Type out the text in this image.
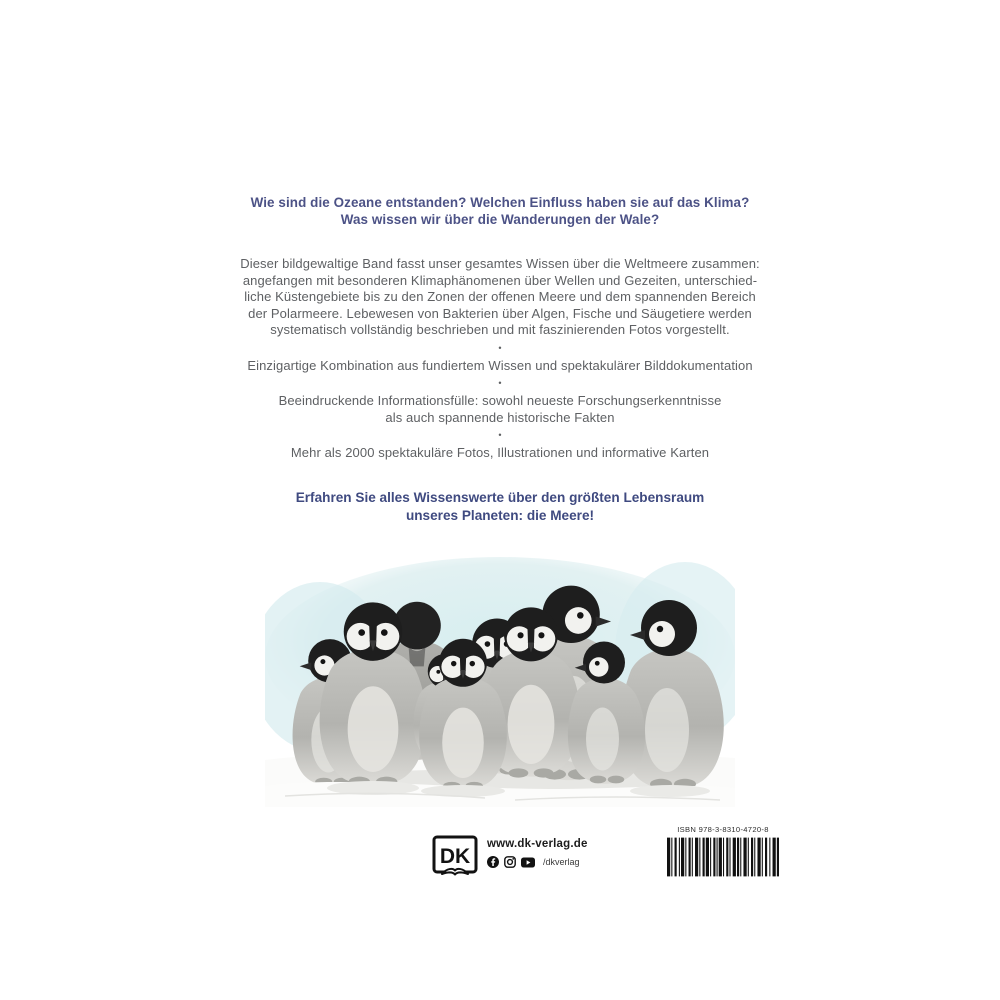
Wie sind die Ozeane entstanden? Welchen Einfluss haben sie auf das Klima?
Was wissen wir über die Wanderungen der Wale?
Dieser bildgewaltige Band fasst unser gesamtes Wissen über die Weltmeere zusammen:
angefangen mit besonderen Klimaphänomenen über Wellen und Gezeiten, unterschied-
liche Küstengebiete bis zu den Zonen der offenen Meere und dem spannenden Bereich
der Polarmeere. Lebewesen von Bakterien über Algen, Fische und Säugetiere werden
systematisch vollständig beschrieben und mit faszinierenden Fotos vorgestellt.
•
Einzigartige Kombination aus fundiertem Wissen und spektakulärer Bilddokumentation
•
Beeindruckende Informationsfülle: sowohl neueste Forschungserkenntnisse
als auch spannende historische Fakten
•
Mehr als 2000 spektakuläre Fotos, Illustrationen und informative Karten
Erfahren Sie alles Wissenswerte über den größten Lebensraum
unseres Planeten: die Meere!
DK
www.dk-verlag.de
/dkverlag
ISBN 978-3-8310-4720-8
